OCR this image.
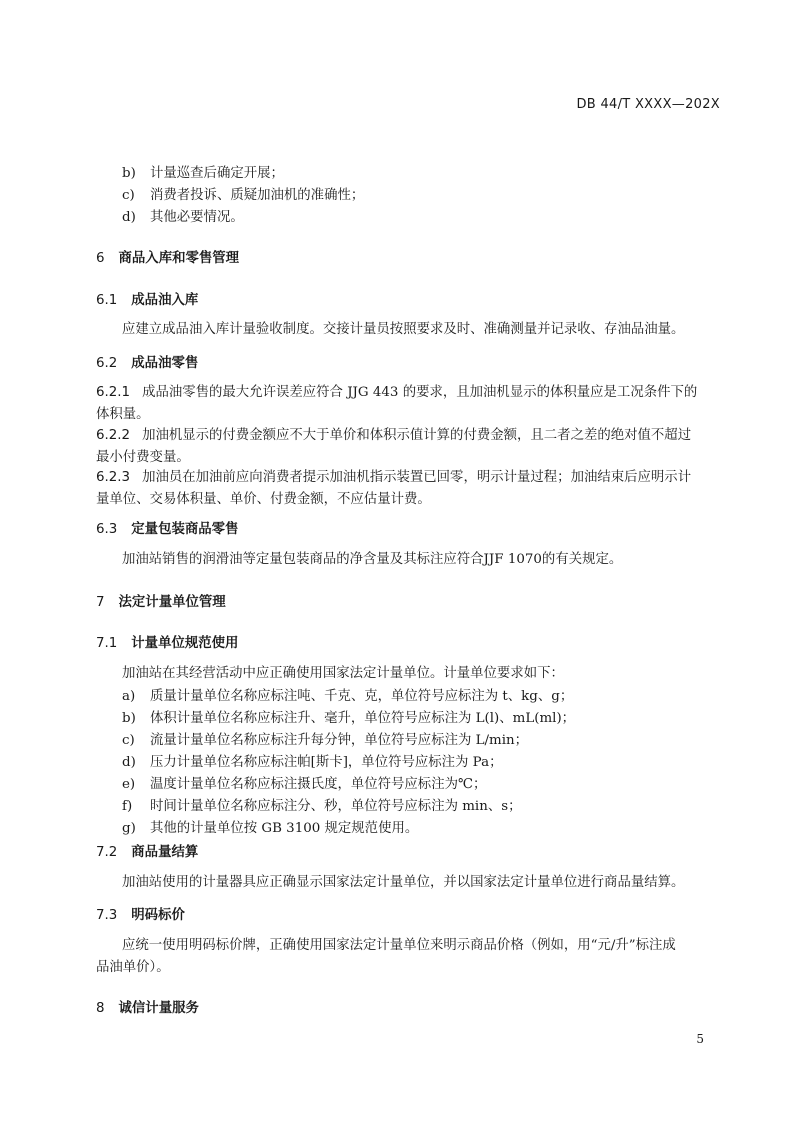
DB 44/T XXXX—202X
b) 计量巡查后确定开展；
c) 消费者投诉、质疑加油机的准确性；
d) 其他必要情况。
6 商品入库和零售管理
6.1 成品油入库
应建立成品油入库计量验收制度。交接计量员按照要求及时、准确测量并记录收、存油品油量。
6.2 成品油零售
6.2.1 成品油零售的最大允许误差应符合 JJG 443 的要求，且加油机显示的体积量应是工况条件下的
体积量。
6.2.2 加油机显示的付费金额应不大于单价和体积示值计算的付费金额，且二者之差的绝对值不超过
最小付费变量。
6.2.3 加油员在加油前应向消费者提示加油机指示装置已回零，明示计量过程；加油结束后应明示计
量单位、交易体积量、单价、付费金额，不应估量计费。
6.3 定量包装商品零售
加油站销售的润滑油等定量包装商品的净含量及其标注应符合JJF 1070的有关规定。
7 法定计量单位管理
7.1 计量单位规范使用
加油站在其经营活动中应正确使用国家法定计量单位。计量单位要求如下：
a) 质量计量单位名称应标注吨、千克、克，单位符号应标注为 t、kg、g；
b) 体积计量单位名称应标注升、毫升，单位符号应标注为 L(l)、mL(ml)；
c) 流量计量单位名称应标注升每分钟，单位符号应标注为 L/min；
d) 压力计量单位名称应标注帕[斯卡]，单位符号应标注为 Pa；
e) 温度计量单位名称应标注摄氏度，单位符号应标注为℃；
f) 时间计量单位名称应标注分、秒，单位符号应标注为 min、s；
g) 其他的计量单位按 GB 3100 规定规范使用。
7.2 商品量结算
加油站使用的计量器具应正确显示国家法定计量单位，并以国家法定计量单位进行商品量结算。
7.3 明码标价
应统一使用明码标价牌，正确使用国家法定计量单位来明示商品价格（例如，用“元/升”标注成
品油单价）。
8 诚信计量服务
5
